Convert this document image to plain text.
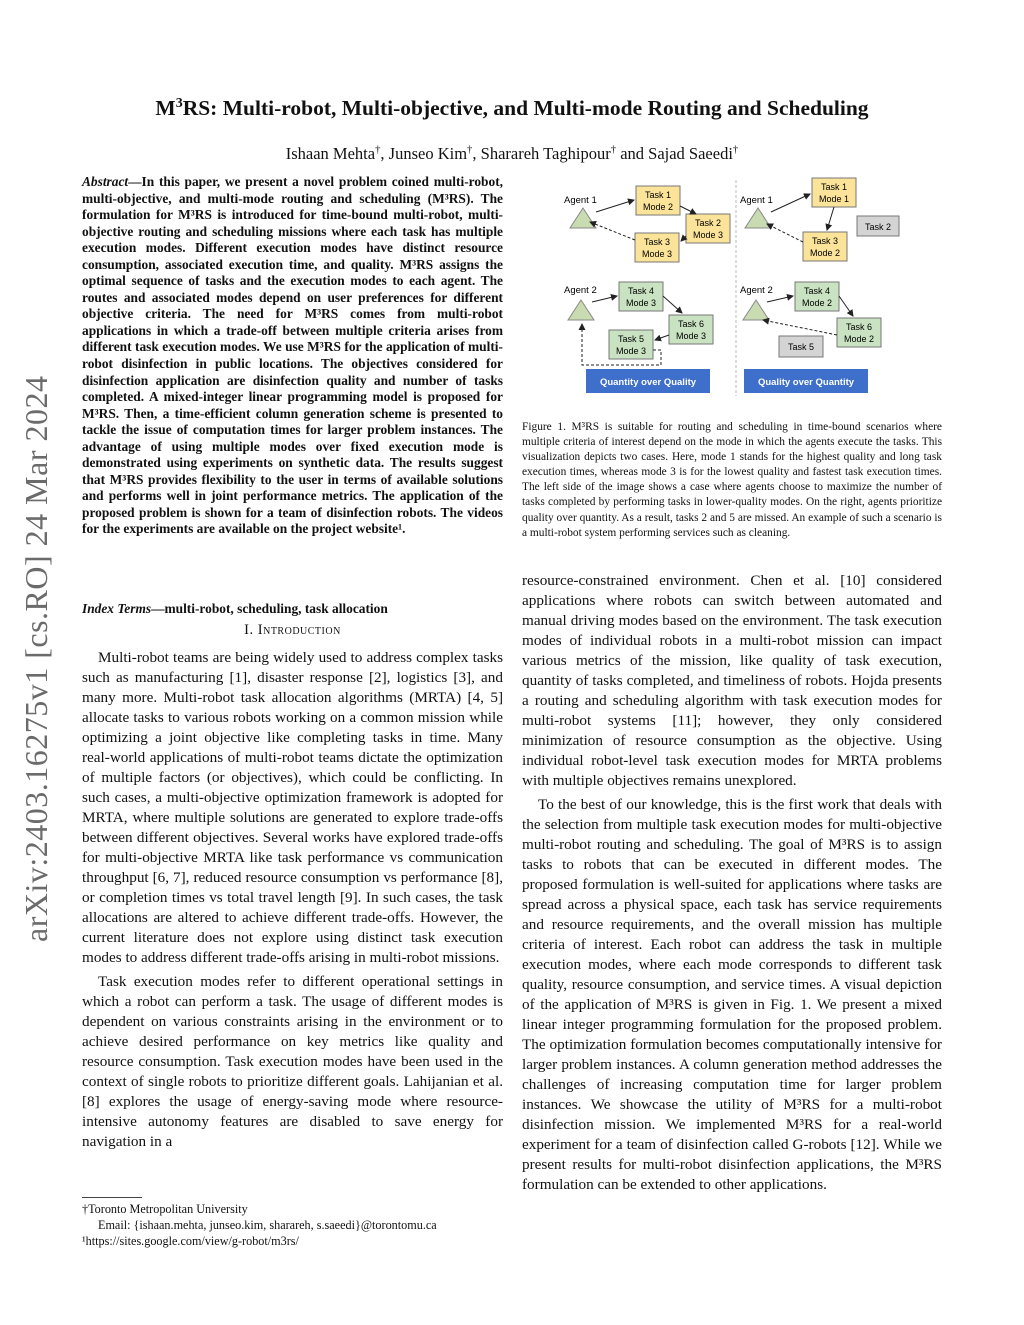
$M^3RS$: Multi-robot, Multi-objective, and Multi-mode Routing and Scheduling
Ishaan Mehta†, Junseo Kim†, Sharareh Taghipour† and Sajad Saeedi†
arXiv:2403.16275v1 [cs.RO] 24 Mar 2024
Abstract—In this paper, we present a novel problem coined multi-robot, multi-objective, and multi-mode routing and scheduling (M³RS). The formulation for M³RS is introduced for time-bound multi-robot, multi-objective routing and scheduling missions where each task has multiple execution modes. Different execution modes have distinct resource consumption, associated execution time, and quality. M³RS assigns the optimal sequence of tasks and the execution modes to each agent. The routes and associated modes depend on user preferences for different objective criteria. The need for M³RS comes from multi-robot applications in which a trade-off between multiple criteria arises from different task execution modes. We use M³RS for the application of multi-robot disinfection in public locations. The objectives considered for disinfection application are disinfection quality and number of tasks completed. A mixed-integer linear programming model is proposed for M³RS. Then, a time-efficient column generation scheme is presented to tackle the issue of computation times for larger problem instances. The advantage of using multiple modes over fixed execution mode is demonstrated using experiments on synthetic data. The results suggest that M³RS provides flexibility to the user in terms of available solutions and performs well in joint performance metrics. The application of the proposed problem is shown for a team of disinfection robots. The videos for the experiments are available on the project website¹.
Index Terms—multi-robot, scheduling, task allocation
I. Introduction

Multi-robot teams are being widely used to address complex tasks such as manufacturing [1], disaster response [2], logistics [3], and many more. Multi-robot task allocation algorithms (MRTA) [4, 5] allocate tasks to various robots working on a common mission while optimizing a joint objective like completing tasks in time. Many real-world applications of multi-robot teams dictate the optimization of multiple factors (or objectives), which could be conflicting. In such cases, a multi-objective optimization framework is adopted for MRTA, where multiple solutions are generated to explore trade-offs between different objectives. Several works have explored trade-offs for multi-objective MRTA like task performance vs communication throughput [6, 7], reduced resource consumption vs performance [8], or completion times vs total travel length [9]. In such cases, the task allocations are altered to achieve different trade-offs. However, the current literature does not explore using distinct task execution modes to address different trade-offs arising in multi-robot missions.

Task execution modes refer to different operational settings in which a robot can perform a task. The usage of different modes is dependent on various constraints arising in the environment or to achieve desired performance on key metrics like quality and resource consumption. Task execution modes have been used in the context of single robots to prioritize different goals. Lahijanian et al. [8] explores the usage of energy-saving mode where resource-intensive autonomy features are disabled to save energy for navigation in a

†Toronto Metropolitan University
Email: {ishaan.mehta, junseo.kim, sharareh, s.saeedi}@torontomu.ca
¹https://sites.google.com/view/g-robot/m3rs/
Agent 1
Agent 2
Task 1
Mode 2
Task 2
Mode 3
Task 3
Mode 3
Task 4
Mode 3
Task 5
Mode 3
Task 6
Mode 3
Quantity over Quality
Agent 1
Agent 2
Task 1
Mode 1
Task 2
Task 3
Mode 2
Task 4
Mode 2
Task 5
Task 6
Mode 2
Quality over Quantity
Figure 1. M³RS is suitable for routing and scheduling in time-bound scenarios where multiple criteria of interest depend on the mode in which the agents execute the tasks. This visualization depicts two cases. Here, mode 1 stands for the highest quality and long task execution times, whereas mode 3 is for the lowest quality and fastest task execution times. The left side of the image shows a case where agents choose to maximize the number of tasks completed by performing tasks in lower-quality modes. On the right, agents prioritize quality over quantity. As a result, tasks 2 and 5 are missed. An example of such a scenario is a multi-robot system performing services such as cleaning.

resource-constrained environment. Chen et al. [10] considered applications where robots can switch between automated and manual driving modes based on the environment. The task execution modes of individual robots in a multi-robot mission can impact various metrics of the mission, like quality of task execution, quantity of tasks completed, and timeliness of robots. Hojda presents a routing and scheduling algorithm with task execution modes for multi-robot systems [11]; however, they only considered minimization of resource consumption as the objective. Using individual robot-level task execution modes for MRTA problems with multiple objectives remains unexplored.

To the best of our knowledge, this is the first work that deals with the selection from multiple task execution modes for multi-objective multi-robot routing and scheduling. The goal of M³RS is to assign tasks to robots that can be executed in different modes. The proposed formulation is well-suited for applications where tasks are spread across a physical space, each task has service requirements and resource requirements, and the overall mission has multiple criteria of interest. Each robot can address the task in multiple execution modes, where each mode corresponds to different task quality, resource consumption, and service times. A visual depiction of the application of M³RS is given in Fig. 1. We present a mixed linear integer programming formulation for the proposed problem. The optimization formulation becomes computationally intensive for larger problem instances. A column generation method addresses the challenges of increasing computation time for larger problem instances. We showcase the utility of M³RS for a multi-robot disinfection mission. We implemented M³RS for a real-world experiment for a team of disinfection called G-robots [12]. While we present results for multi-robot disinfection applications, the M³RS formulation can be extended to other applications.
